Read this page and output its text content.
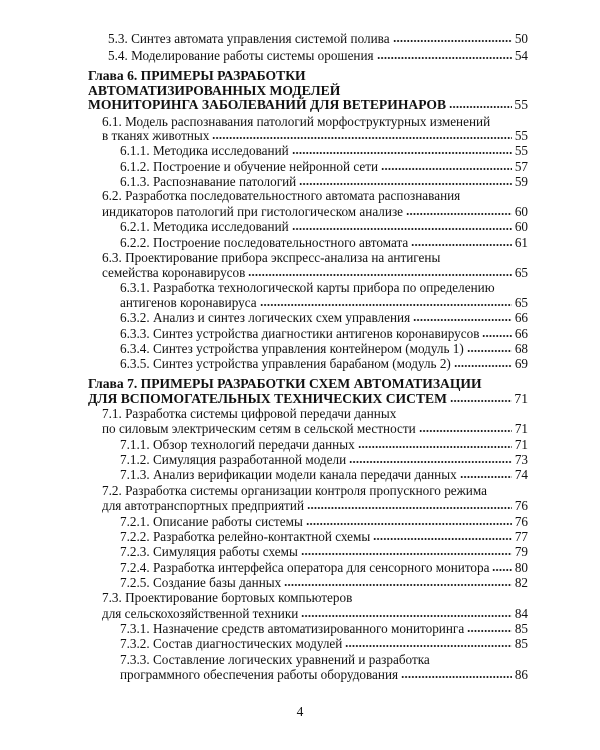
5.3. Синтез автомата управления системой полива	50
5.4. Моделирование работы системы орошения	54
Глава 6. ПРИМЕРЫ РАЗРАБОТКИ
АВТОМАТИЗИРОВАННЫХ МОДЕЛЕЙ
МОНИТОРИНГА ЗАБОЛЕВАНИЙ ДЛЯ ВЕТЕРИНАРОВ	55
6.1. Модель распознавания патологий морфоструктурных изменений
в тканях животных	55
6.1.1. Методика исследований	55
6.1.2. Построение и обучение нейронной сети	57
6.1.3. Распознавание патологий	59
6.2. Разработка последовательностного автомата распознавания
индикаторов патологий при гистологическом анализе	60
6.2.1. Методика исследований	60
6.2.2. Построение последовательностного автомата	61
6.3. Проектирование прибора экспресс-анализа на антигены
семейства коронавирусов	65
6.3.1. Разработка технологической карты прибора по определению
антигенов коронавируса	65
6.3.2. Анализ и синтез логических схем управления	66
6.3.3. Синтез устройства диагностики антигенов коронавирусов	66
6.3.4. Синтез устройства управления контейнером (модуль 1)	68
6.3.5. Синтез устройства управления барабаном (модуль 2)	69
Глава 7. ПРИМЕРЫ РАЗРАБОТКИ СХЕМ АВТОМАТИЗАЦИИ
ДЛЯ ВСПОМОГАТЕЛЬНЫХ ТЕХНИЧЕСКИХ СИСТЕМ	71
7.1. Разработка системы цифровой передачи данных
по силовым электрическим сетям в сельской местности	71
7.1.1. Обзор технологий передачи данных	71
7.1.2. Симуляция разработанной модели	73
7.1.3. Анализ верификации модели канала передачи данных	74
7.2. Разработка системы организации контроля пропускного режима
для автотранспортных предприятий	76
7.2.1. Описание работы системы	76
7.2.2. Разработка релейно-контактной схемы	77
7.2.3. Симуляция работы схемы	79
7.2.4. Разработка интерфейса оператора для сенсорного монитора 80
7.2.5. Создание базы данных	82
7.3. Проектирование бортовых компьютеров
для сельскохозяйственной техники	84
7.3.1. Назначение средств автоматизированного мониторинга	85
7.3.2. Состав диагностических модулей	85
7.3.3. Составление логических уравнений и разработка
программного обеспечения работы оборудования	86
4
